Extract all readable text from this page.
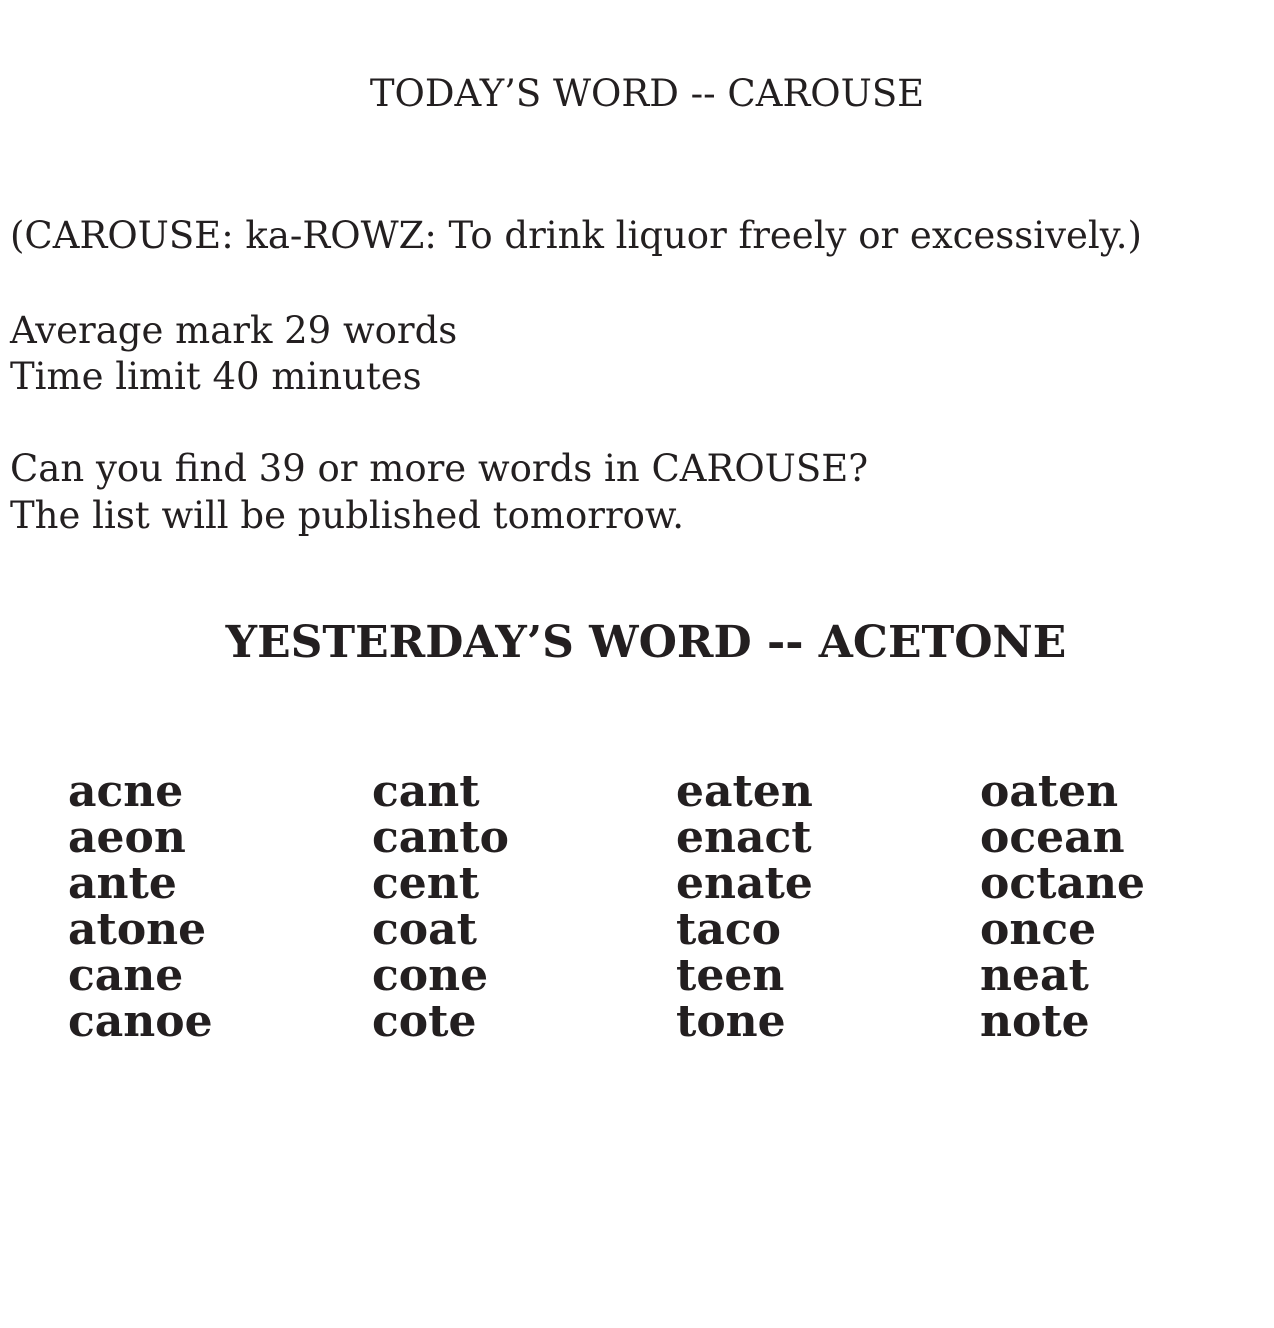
TODAY’S WORD -- CAROUSE
(CAROUSE: ka-ROWZ: To drink liquor freely or excessively.)
Average mark 29 words
Time limit 40 minutes
Can you find 39 or more words in CAROUSE?
The list will be published tomorrow.
YESTERDAY’S WORD -- ACETONE
acne
aeon
ante
atone
cane
canoe
cant
canto
cent
coat
cone
cote
eaten
enact
enate
taco
teen
tone
oaten
ocean
octane
once
neat
note
